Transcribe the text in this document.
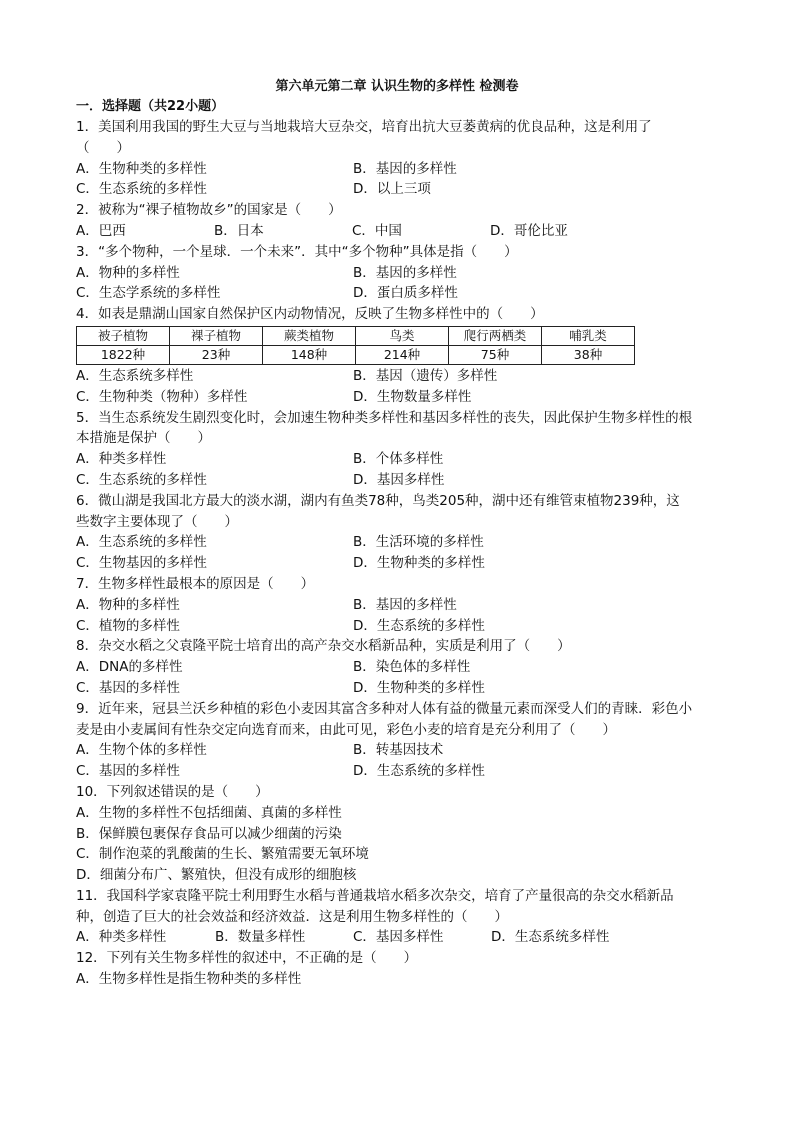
第六单元第二章 认识生物的多样性 检测卷
一．选择题（共22小题）
1．美国利用我国的野生大豆与当地栽培大豆杂交，培育出抗大豆萎黄病的优良品种，这是利用了
（　　）
A．生物种类的多样性	B．基因的多样性
C．生态系统的多样性	D．以上三项
2．被称为“裸子植物故乡”的国家是（　　）
A．巴西	B．日本	C．中国	D．哥伦比亚
3．“多个物种，一个星球．一个未来”．其中“多个物种”具体是指（　　）
A．物种的多样性	B．基因的多样性
C．生态学系统的多样性	D．蛋白质多样性
4．如表是鼎湖山国家自然保护区内动物情况，反映了生物多样性中的（　　）
被子植物	裸子植物	蕨类植物	鸟类	爬行两栖类	哺乳类
1822种	23种	148种	214种	75种	38种
A．生态系统多样性	B．基因（遗传）多样性
C．生物种类（物种）多样性	D．生物数量多样性
5．当生态系统发生剧烈变化时，会加速生物种类多样性和基因多样性的丧失，因此保护生物多样性的根
本措施是保护（　　）
A．种类多样性	B．个体多样性
C．生态系统的多样性	D．基因多样性
6．微山湖是我国北方最大的淡水湖，湖内有鱼类78种，鸟类205种，湖中还有维管束植物239种，这
些数字主要体现了（　　）
A．生态系统的多样性	B．生活环境的多样性
C．生物基因的多样性	D．生物种类的多样性
7．生物多样性最根本的原因是（　　）
A．物种的多样性	B．基因的多样性
C．植物的多样性	D．生态系统的多样性
8．杂交水稻之父袁隆平院士培育出的高产杂交水稻新品种，实质是利用了（　　）
A．DNA的多样性	B．染色体的多样性
C．基因的多样性	D．生物种类的多样性
9．近年来，冠县兰沃乡种植的彩色小麦因其富含多种对人体有益的微量元素而深受人们的青睐．彩色小
麦是由小麦属间有性杂交定向选育而来，由此可见，彩色小麦的培育是充分利用了（　　）
A．生物个体的多样性	B．转基因技术
C．基因的多样性	D．生态系统的多样性
10．下列叙述错误的是（　　）
A．生物的多样性不包括细菌、真菌的多样性
B．保鲜膜包裹保存食品可以减少细菌的污染
C．制作泡菜的乳酸菌的生长、繁殖需要无氧环境
D．细菌分布广、繁殖快，但没有成形的细胞核
11．我国科学家袁隆平院士利用野生水稻与普通栽培水稻多次杂交，培育了产量很高的杂交水稻新品
种，创造了巨大的社会效益和经济效益．这是利用生物多样性的（　　）
A．种类多样性	B．数量多样性	C．基因多样性	D．生态系统多样性
12．下列有关生物多样性的叙述中，不正确的是（　　）
A．生物多样性是指生物种类的多样性
